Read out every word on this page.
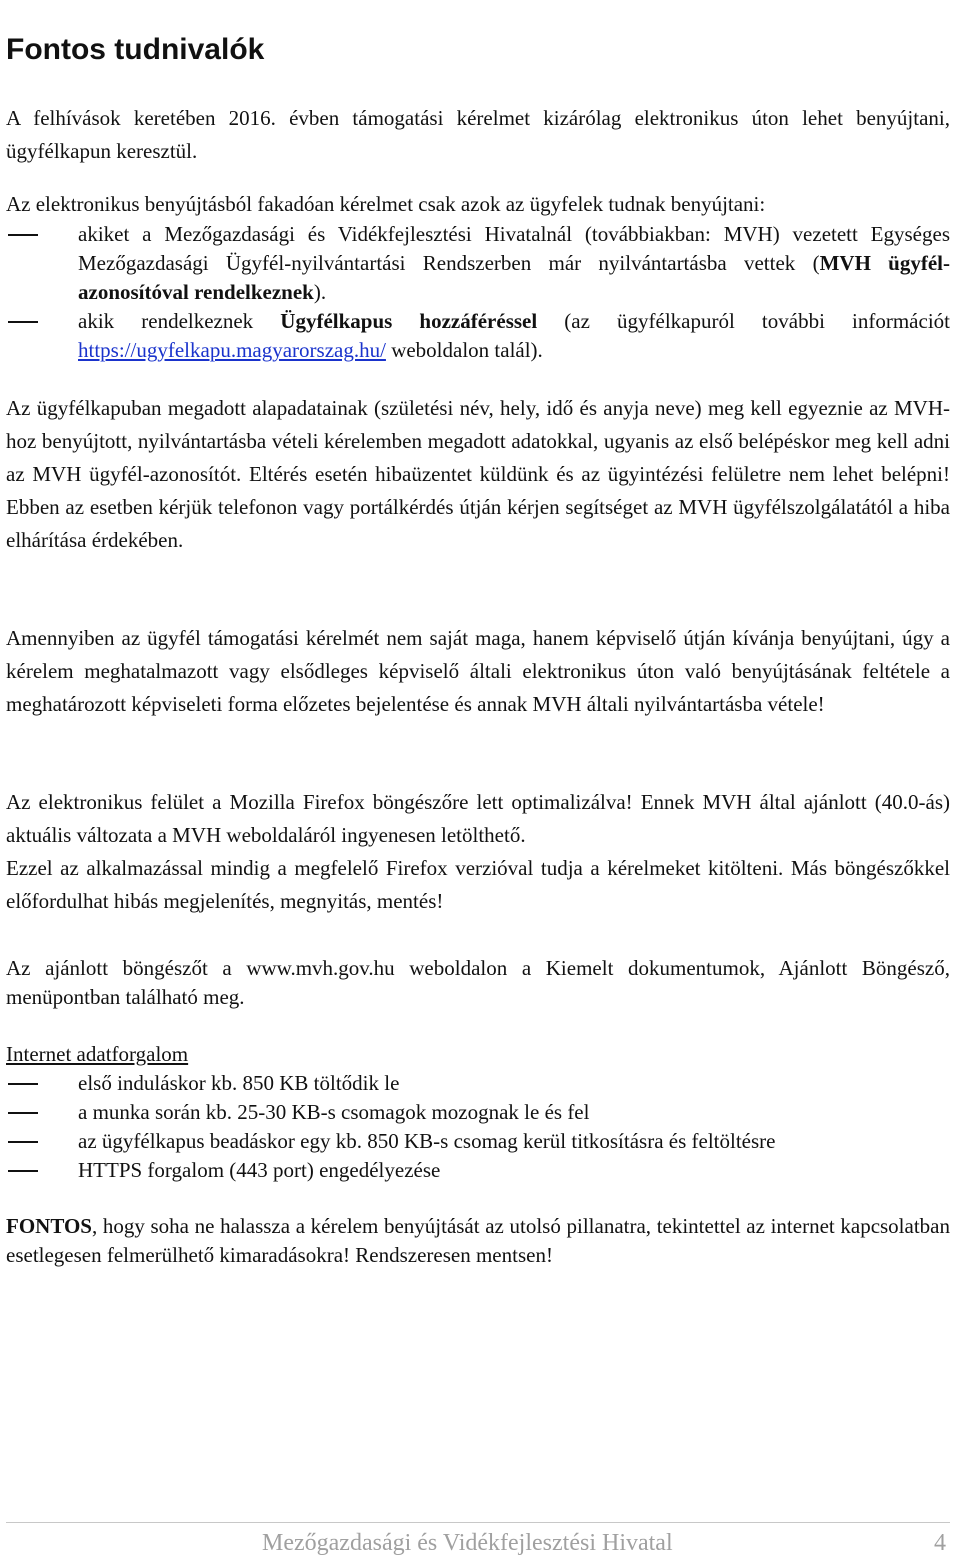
Fontos tudnivalók

A felhívások keretében 2016. évben támogatási kérelmet kizárólag elektronikus úton lehet benyújtani, ügyfélkapun keresztül.

Az elektronikus benyújtásból fakadóan kérelmet csak azok az ügyfelek tudnak benyújtani:

akiket a Mezőgazdasági és Vidékfejlesztési Hivatalnál (továbbiakban: MVH) vezetett Egységes Mezőgazdasági Ügyfél-nyilvántartási Rendszerben már nyilvántartásba vettek (MVH ügyfél-azonosítóval rendelkeznek).
akik rendelkeznek Ügyfélkapus hozzáféréssel (az ügyfélkapuról további információt https://ugyfelkapu.magyarorszag.hu/ weboldalon talál).

Az ügyfélkapuban megadott alapadatainak (születési név, hely, idő és anyja neve) meg kell egyeznie az MVH-hoz benyújtott, nyilvántartásba vételi kérelemben megadott adatokkal, ugyanis az első belépéskor meg kell adni az MVH ügyfél-azonosítót. Eltérés esetén hibaüzentet küldünk és az ügyintézési felületre nem lehet belépni! Ebben az esetben kérjük telefonon vagy portálkérdés útján kérjen segítséget az MVH ügyfélszolgálatától a hiba elhárítása érdekében.

Amennyiben az ügyfél támogatási kérelmét nem saját maga, hanem képviselő útján kívánja benyújtani, úgy a kérelem meghatalmazott vagy elsődleges képviselő általi elektronikus úton való benyújtásának feltétele a meghatározott képviseleti forma előzetes bejelentése és annak MVH általi nyilvántartásba vétele!

Az elektronikus felület a Mozilla Firefox böngészőre lett optimalizálva! Ennek MVH által ajánlott (40.0-ás) aktuális változata a MVH weboldaláról ingyenesen letölthető.

Ezzel az alkalmazással mindig a megfelelő Firefox verzióval tudja a kérelmeket kitölteni. Más böngészőkkel előfordulhat hibás megjelenítés, megnyitás, mentés!

Az ajánlott böngészőt a www.mvh.gov.hu weboldalon a Kiemelt dokumentumok, Ajánlott Böngésző, menüpontban található meg.

Internet adatforgalom

első induláskor kb. 850 KB töltődik le
a munka során kb. 25-30 KB-s csomagok mozognak le és fel
az ügyfélkapus beadáskor egy kb. 850 KB-s csomag kerül titkosításra és feltöltésre
HTTPS forgalom (443 port) engedélyezése

FONTOS, hogy soha ne halassza a kérelem benyújtását az utolsó pillanatra, tekintettel az internet kapcsolatban esetlegesen felmerülhető kimaradásokra! Rendszeresen mentsen!

Mezőgazdasági és Vidékfejlesztési Hivatal	4
